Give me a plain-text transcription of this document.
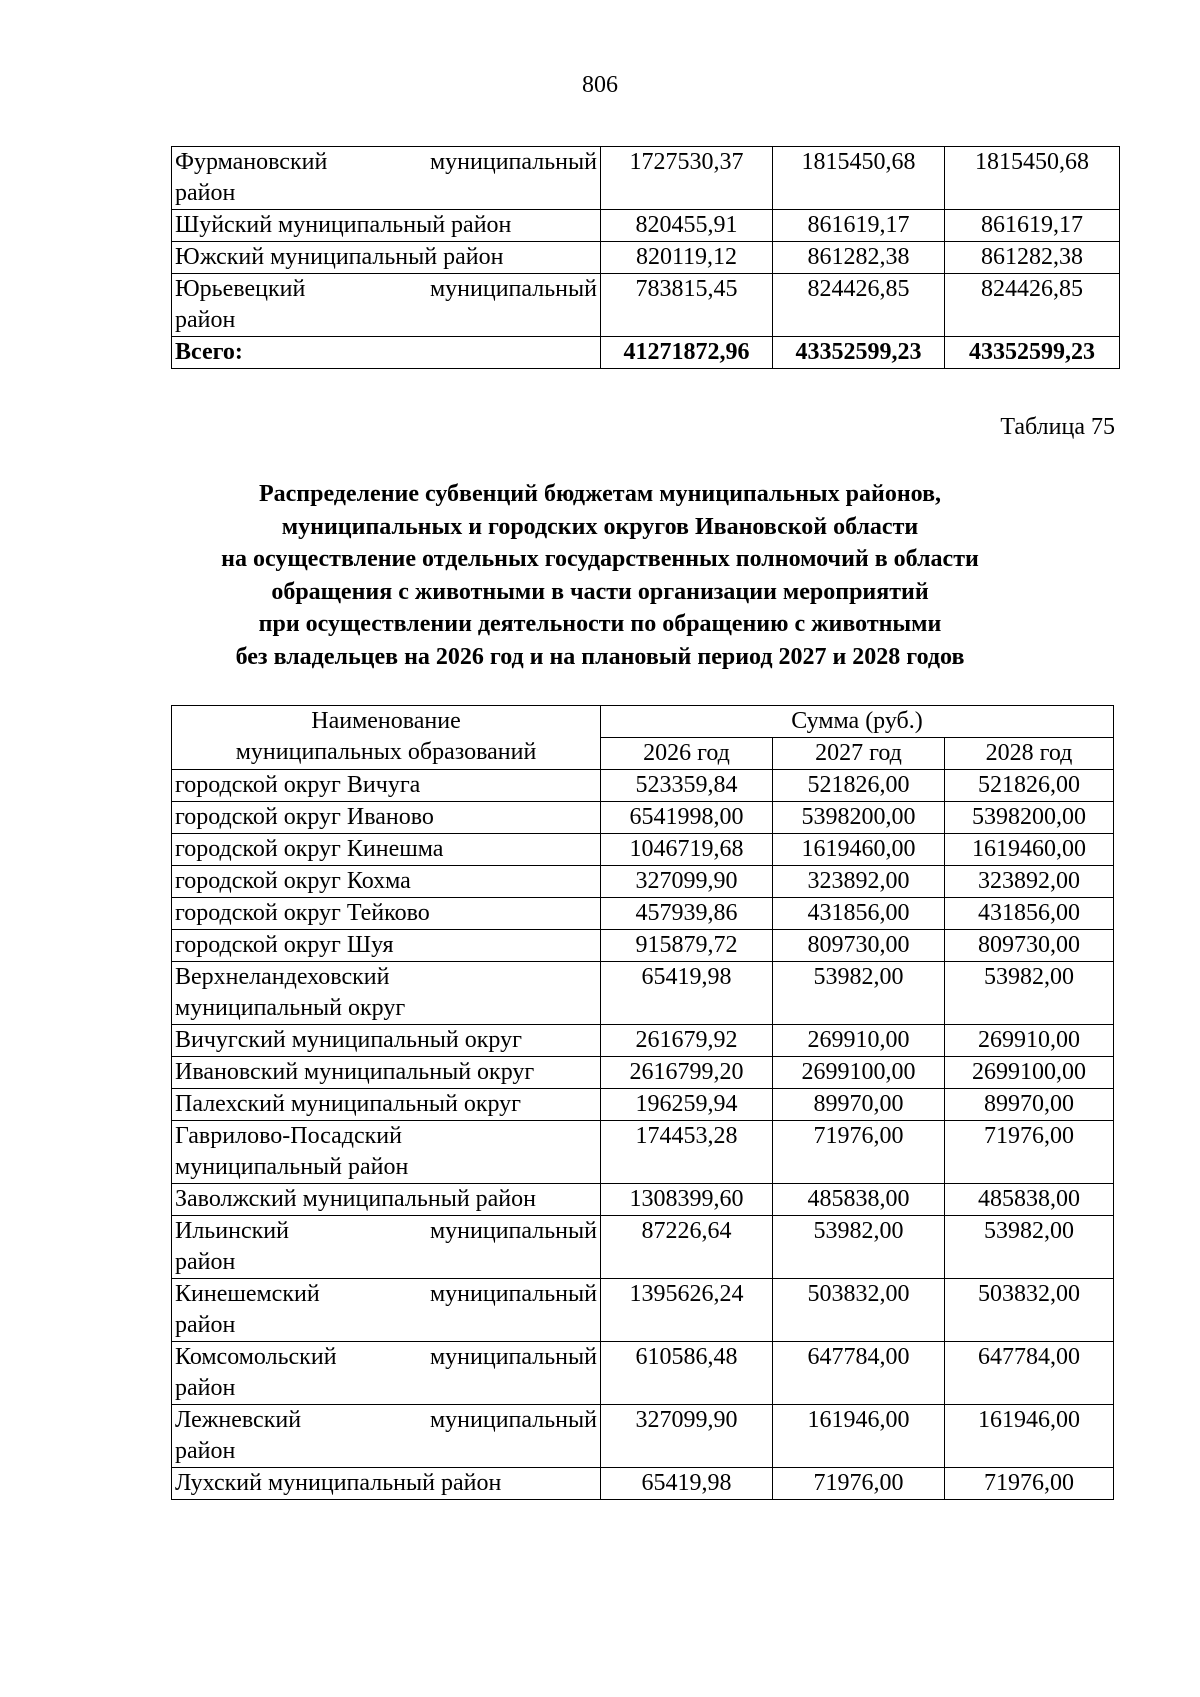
806
Фурмановский муниципальный
район	1727530,37	1815450,68	1815450,68
Шуйский муниципальный район	820455,91	861619,17	861619,17
Южский муниципальный район	820119,12	861282,38	861282,38

Юрьевецкий муниципальный
район	783815,45	824426,85	824426,85
Всего:	41271872,96	43352599,23	43352599,23
Таблица 75
Распределение субвенций бюджетам муниципальных районов,
муниципальных и городских округов Ивановской области
на осуществление отдельных государственных полномочий в области
обращения с животными в части организации мероприятий
при осуществлении деятельности по обращению с животными
без владельцев на 2026 год и на плановый период 2027 и 2028 годов
Наименование
муниципальных образований	Сумма (руб.)		
	2026 год	2027 год	2028 год
городской округ Вичуга	523359,84	521826,00	521826,00
городской округ Иваново	6541998,00	5398200,00	5398200,00
городской округ Кинешма	1046719,68	1619460,00	1619460,00
городской округ Кохма	327099,90	323892,00	323892,00
городской округ Тейково	457939,86	431856,00	431856,00
городской округ Шуя	915879,72	809730,00	809730,00

Верхнеландеховский
муниципальный округ	65419,98	53982,00	53982,00
Вичугский муниципальный округ	261679,92	269910,00	269910,00
Ивановский муниципальный округ	2616799,20	2699100,00	2699100,00
Палехский муниципальный округ	196259,94	89970,00	89970,00

Гаврилово-Посадский
муниципальный район	174453,28	71976,00	71976,00
Заволжский муниципальный район	1308399,60	485838,00	485838,00

Ильинский муниципальный
район	87226,64	53982,00	53982,00

Кинешемский муниципальный
район	1395626,24	503832,00	503832,00

Комсомольский муниципальный
район	610586,48	647784,00	647784,00

Лежневский муниципальный
район	327099,90	161946,00	161946,00
Лухский муниципальный район	65419,98	71976,00	71976,00
